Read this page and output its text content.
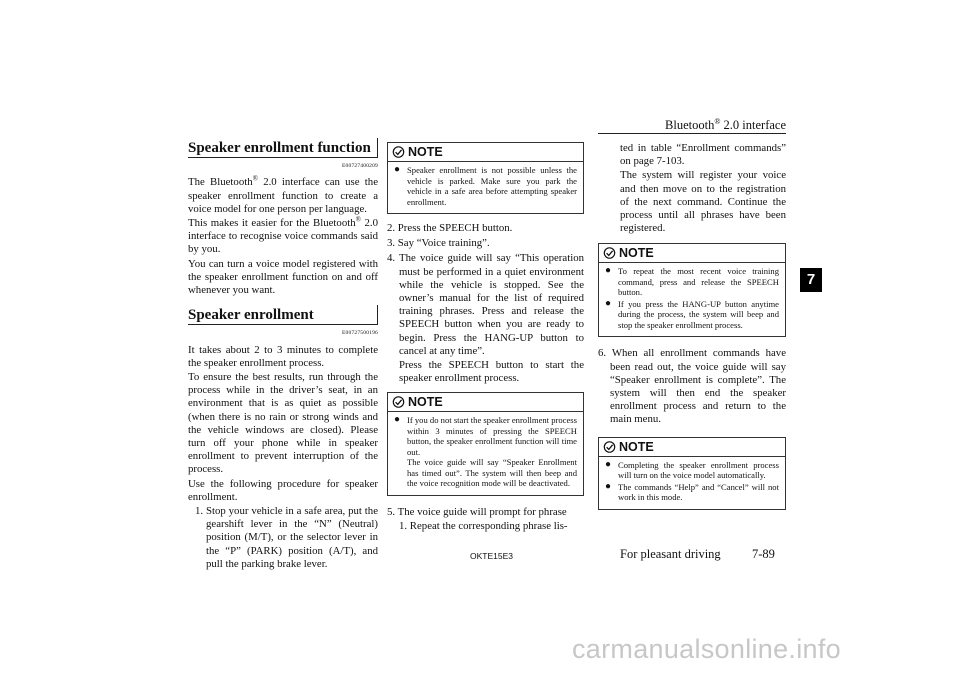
Bluetooth® 2.0 interface
7
Speaker enrollment function
E00727400209

The Bluetooth® 2.0 interface can use the speaker enrollment function to create a voice model for one person per language.

This makes it easier for the Bluetooth® 2.0 interface to recognise voice commands said by you.

You can turn a voice model registered with the speaker enrollment function on and off whenever you want.

Speaker enrollment
E00727500196

It takes about 2 to 3 minutes to complete the speaker enrollment process.

To ensure the best results, run through the process while in the driver’s seat, in an environment that is as quiet as possible (when there is no rain or strong winds and the vehicle windows are closed). Please turn off your phone while in speaker enrollment to prevent interruption of the process.

Use the following procedure for speaker enrollment.

1. Stop your vehicle in a safe area, put the gearshift lever in the “N” (Neutral) position (M/T), or the selector lever in the “P” (PARK) position (A/T), and pull the parking brake lever.

NOTE
● Speaker enrollment is not possible unless the vehicle is parked. Make sure you park the vehicle in a safe area before attempting speaker enrollment.

2. Press the SPEECH button.

3. Say “Voice training”.

4. The voice guide will say “This operation must be performed in a quiet environment while the vehicle is stopped. See the owner’s manual for the list of required training phrases. Press and release the SPEECH button when you are ready to begin. Press the HANG-UP button to cancel at any time”.

Press the SPEECH button to start the speaker enrollment process.

NOTE
● If you do not start the speaker enrollment process within 3 minutes of pressing the SPEECH button, the speaker enrollment function will time out.
The voice guide will say “Speaker Enrollment has timed out”. The system will then beep and the voice recognition mode will be deactivated.

5. The voice guide will prompt for phrase

1. Repeat the corresponding phrase lis-

ted in table “Enrollment commands” on page 7-103.

The system will register your voice and then move on to the registration of the next command. Continue the process until all phrases have been registered.

NOTE
● To repeat the most recent voice training command, press and release the SPEECH button.
● If you press the HANG-UP button anytime during the process, the system will beep and stop the speaker enrollment process.

6. When all enrollment commands have been read out, the voice guide will say “Speaker enrollment is complete”. The system will then end the speaker enrollment process and return to the main menu.

NOTE
● Completing the speaker enrollment process will turn on the voice model automatically.
● The commands “Help” and “Cancel” will not work in this mode.
OKTE15E3	For pleasant driving	7-89
carmanualsonline.info
